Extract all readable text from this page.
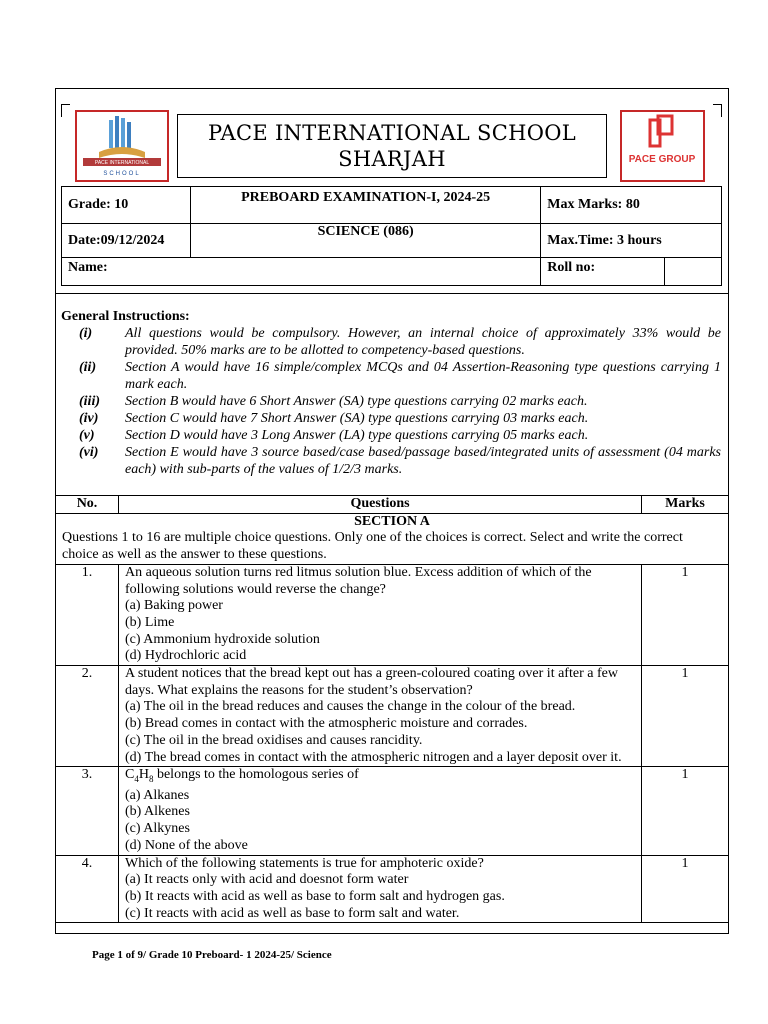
PACE INTERNATIONAL
SCHOOL
PACE INTERNATIONAL SCHOOL
SHARJAH	PACE GROUP
Grade: 10	PREBOARD EXAMINATION-I, 2024-25	Max Marks: 80	
Date:09/12/2024	SCIENCE (086)	Max.Time: 3 hours	
Name:		Roll no:	
General Instructions:
(i)	All questions would be compulsory. However, an internal choice of approximately 33% would be provided. 50% marks are to be allotted to competency-based questions.
(ii)	Section A would have 16 simple/complex MCQs and 04 Assertion-Reasoning type questions carrying 1 mark each.
(iii)	Section B would have 6 Short Answer (SA) type questions carrying 02 marks each.
(iv)	Section C would have 7 Short Answer (SA) type questions carrying 03 marks each.
(v)	Section D would have 3 Long Answer (LA) type questions carrying 05 marks each.
(vi)	Section E would have 3 source based/case based/passage based/integrated units of assessment (04 marks each) with sub-parts of the values of 1/2/3 marks.
No.	Questions	Marks

SECTION A
Questions 1 to 16 are multiple choice questions. Only one of the choices is correct. Select and write the correct choice as well as the answer to these questions.		

1.	An aqueous solution turns red litmus solution blue. Excess addition of which of the following solutions would reverse the change?
(a) Baking power
(b) Lime
(c) Ammonium hydroxide solution
(d) Hydrochloric acid	1
2.	A student notices that the bread kept out has a green-coloured coating over it after a few days. What explains the reasons for the student’s observation?
(a) The oil in the bread reduces and causes the change in the colour of the bread.
(b) Bread comes in contact with the atmospheric moisture and corrades.
(c) The oil in the bread oxidises and causes rancidity.
(d) The bread comes in contact with the atmospheric nitrogen and a layer deposit over it.	1
3.	$C_4H_8$ belongs to the homologous series of
(a) Alkanes
(b) Alkenes
(c) Alkynes
(d) None of the above	1
4.	Which of the following statements is true for amphoteric oxide?
(a) It reacts only with acid and doesnot form water
(b) It reacts with acid as well as base to form salt and hydrogen gas.
(c) It reacts with acid as well as base to form salt and water.	1
Page 1 of 9/ Grade 10 Preboard- 1 2024-25/ Science
